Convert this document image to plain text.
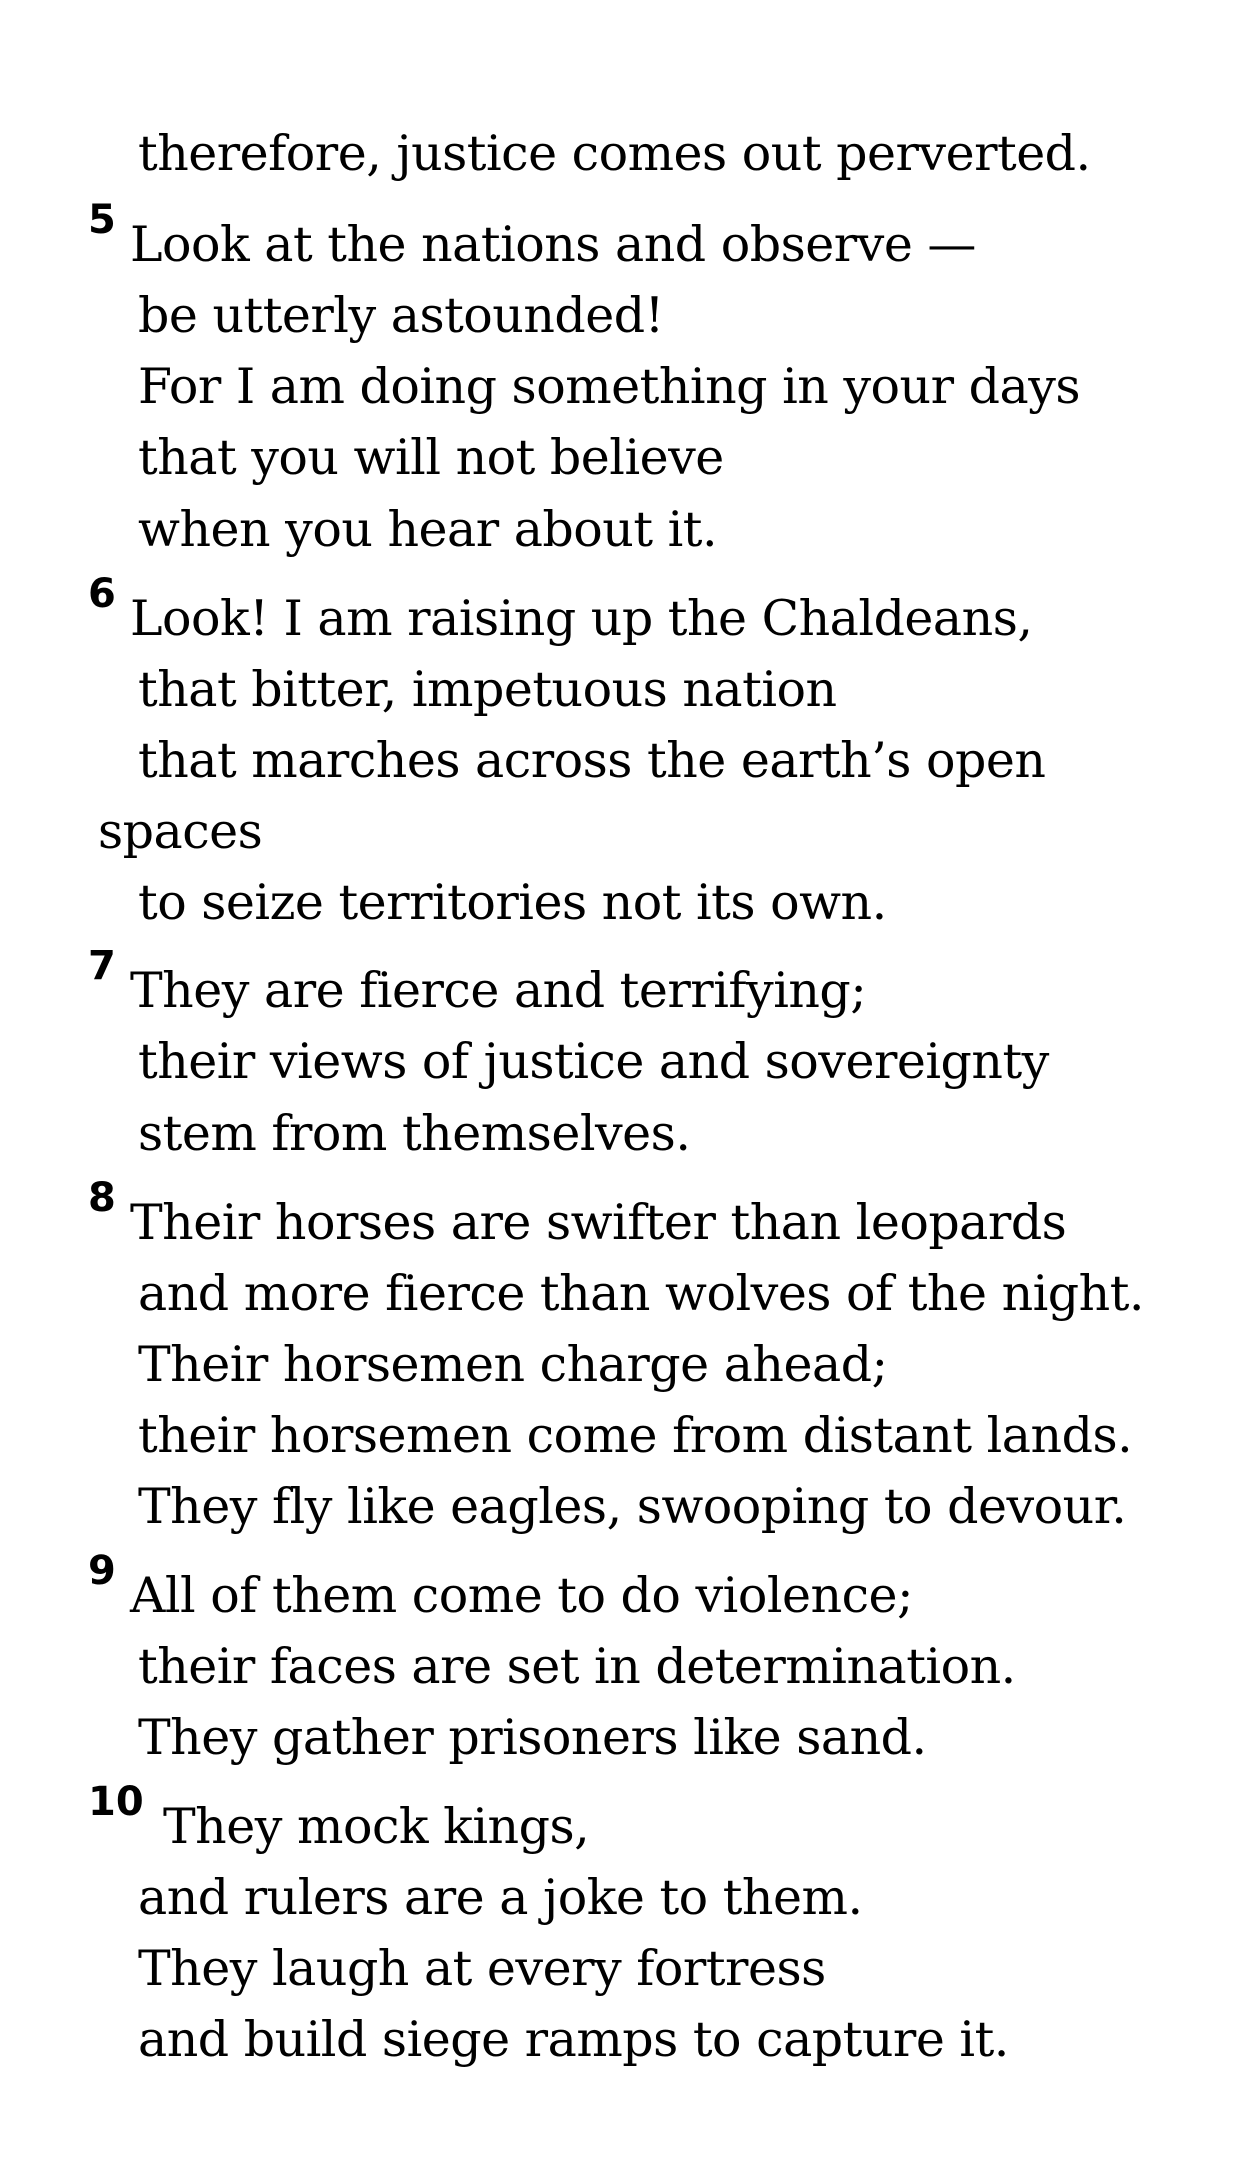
therefore, justice comes out perverted.
5 Look at the nations and observe —
be utterly astounded!
For I am doing something in your days
that you will not believe
when you hear about it.
6 Look! I am raising up the Chaldeans,
that bitter, impetuous nation
that marches across the earth’s open
spaces
to seize territories not its own.
7 They are fierce and terrifying;
their views of justice and sovereignty
stem from themselves.
8 Their horses are swifter than leopards
and more fierce than wolves of the night.
Their horsemen charge ahead;
their horsemen come from distant lands.
They fly like eagles, swooping to devour.
9 All of them come to do violence;
their faces are set in determination.
They gather prisoners like sand.
10 They mock kings,
and rulers are a joke to them.
They laugh at every fortress
and build siege ramps to capture it.
